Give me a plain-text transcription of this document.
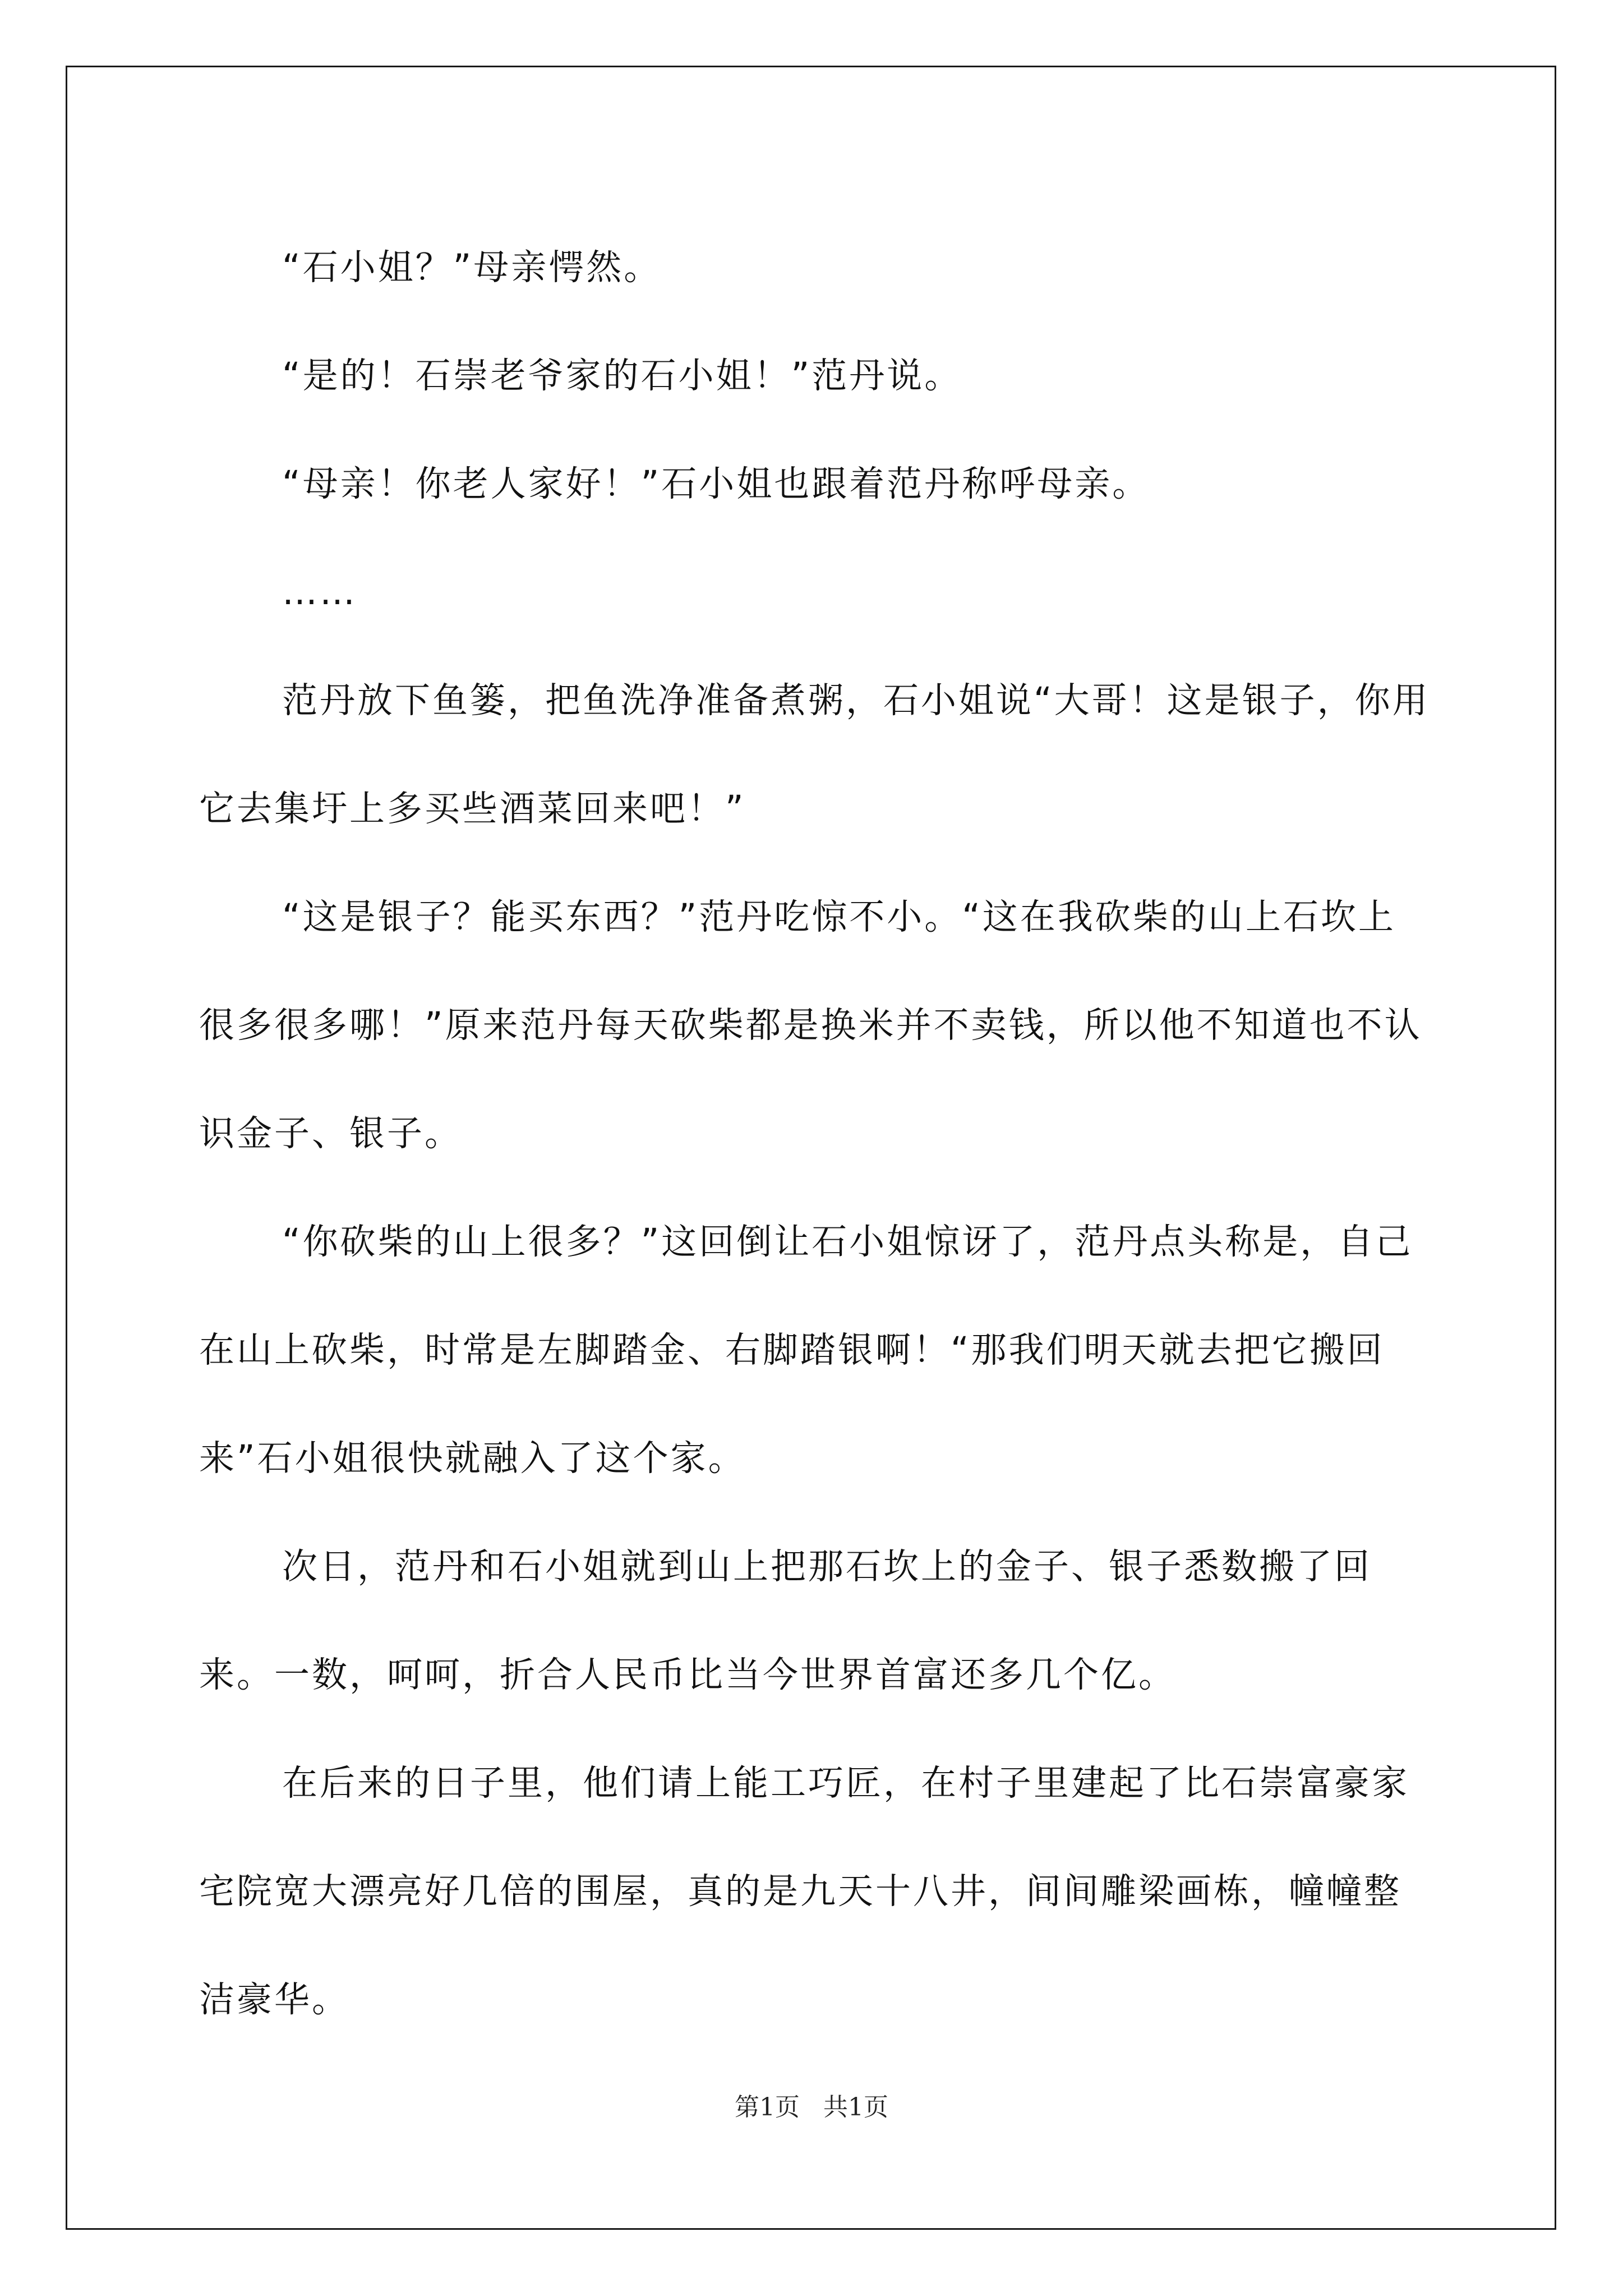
“石小姐？”母亲愕然。

“是的！石崇老爷家的石小姐！”范丹说。

“母亲！你老人家好！”石小姐也跟着范丹称呼母亲。

……

范丹放下鱼篓，把鱼洗净准备煮粥，石小姐说“大哥！这是银子，你用它去集圩上多买些酒菜回来吧！”

“这是银子？能买东西？”范丹吃惊不小。“这在我砍柴的山上石坎上很多很多哪！”原来范丹每天砍柴都是换米并不卖钱，所以他不知道也不认识金子、银子。

“你砍柴的山上很多？”这回倒让石小姐惊讶了，范丹点头称是，自己在山上砍柴，时常是左脚踏金、右脚踏银啊！“那我们明天就去把它搬回来”石小姐很快就融入了这个家。

次日，范丹和石小姐就到山上把那石坎上的金子、银子悉数搬了回来。一数，呵呵，折合人民币比当今世界首富还多几个亿。

在后来的日子里，他们请上能工巧匠，在村子里建起了比石崇富豪家宅院宽大漂亮好几倍的围屋，真的是九天十八井，间间雕梁画栋，幢幢整洁豪华。

第1页 共1页
